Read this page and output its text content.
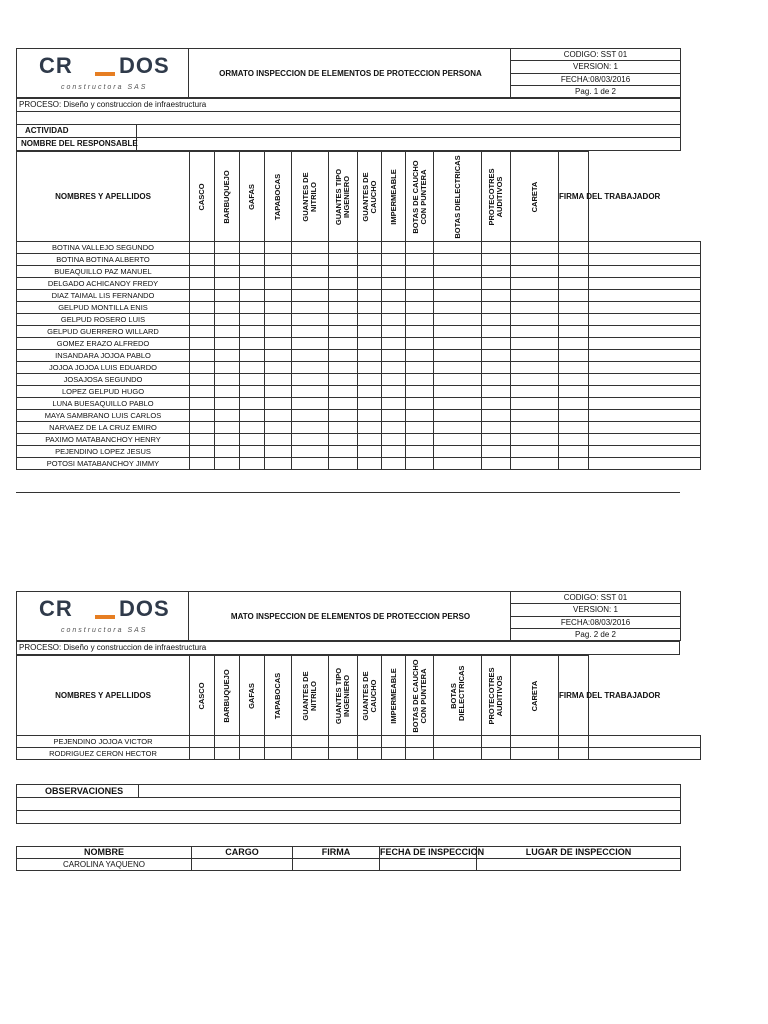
CR DOS
constructora SAS
	ORMATO INSPECCION DE ELEMENTOS DE PROTECCION PERSONA	CODIGO: SST 01
VERSION: 1
FECHA:08/03/2016
Pag. 1 de 2
PROCESO: Diseño y construccion de infraestructura	

ACTIVIDAD	
NOMBRE DEL RESPONSABLE	
NOMBRES Y APELLIDOS	CASCO	BARBUQUEJO	GAFAS	TAPABOCAS	GUANTES DE NITRILO	GUANTES TIPO INGENIERO	GUANTES DE CAUCHO	IMPERMEABLE	BOTAS DE CAUCHO CON PUNTERA	BOTAS DIELECTRICAS	PROTECOTRES AUDITIVOS	CARETA	FIRMA DEL TRABAJADOR
BOTINA VALLEJO SEGUNDO														
BOTINA BOTINA ALBERTO														
BUEAQUILLO PAZ MANUEL														
DELGADO ACHICANOY FREDY														
DIAZ TAIMAL LIS FERNANDO														
GELPUD MONTILLA ENIS														
GELPUD ROSERO LUIS														
GELPUD GUERRERO WILLARD														
GOMEZ ERAZO ALFREDO														
INSANDARA JOJOA PABLO														
JOJOA JOJOA LUIS EDUARDO														
JOSAJOSA SEGUNDO														
LOPEZ GELPUD HUGO														
LUNA BUESAQUILLO PABLO														
MAYA SAMBRANO LUIS CARLOS														
NARVAEZ DE LA CRUZ EMIRO														
PAXIMO MATABANCHOY HENRY														
PEJENDINO LOPEZ JESUS														
POTOSI MATABANCHOY JIMMY														
CR DOS
constructora SAS
	MATO INSPECCION DE ELEMENTOS DE PROTECCION PERSO	CODIGO: SST 01
VERSION: 1
FECHA:08/03/2016
Pag. 2 de 2
PROCESO: Diseño y construccion de infraestructura
NOMBRES Y APELLIDOS	CASCO	BARBUQUEJO	GAFAS	TAPABOCAS	GUANTES DE NITRILO	GUANTES TIPO INGENIERO	GUANTES DE CAUCHO	IMPERMEABLE	BOTAS DE CAUCHO CON PUNTERA	BOTAS DIELECTRICAS	PROTECOTRES AUDITIVOS	CARETA	FIRMA DEL TRABAJADOR
PEJENDINO JOJOA VICTOR														
RODRIGUEZ CERON HECTOR														
OBSERVACIONES	

NOMBRE	CARGO	FIRMA	FECHA DE INSPECCION	LUGAR DE INSPECCION
CAROLINA YAQUENO				
